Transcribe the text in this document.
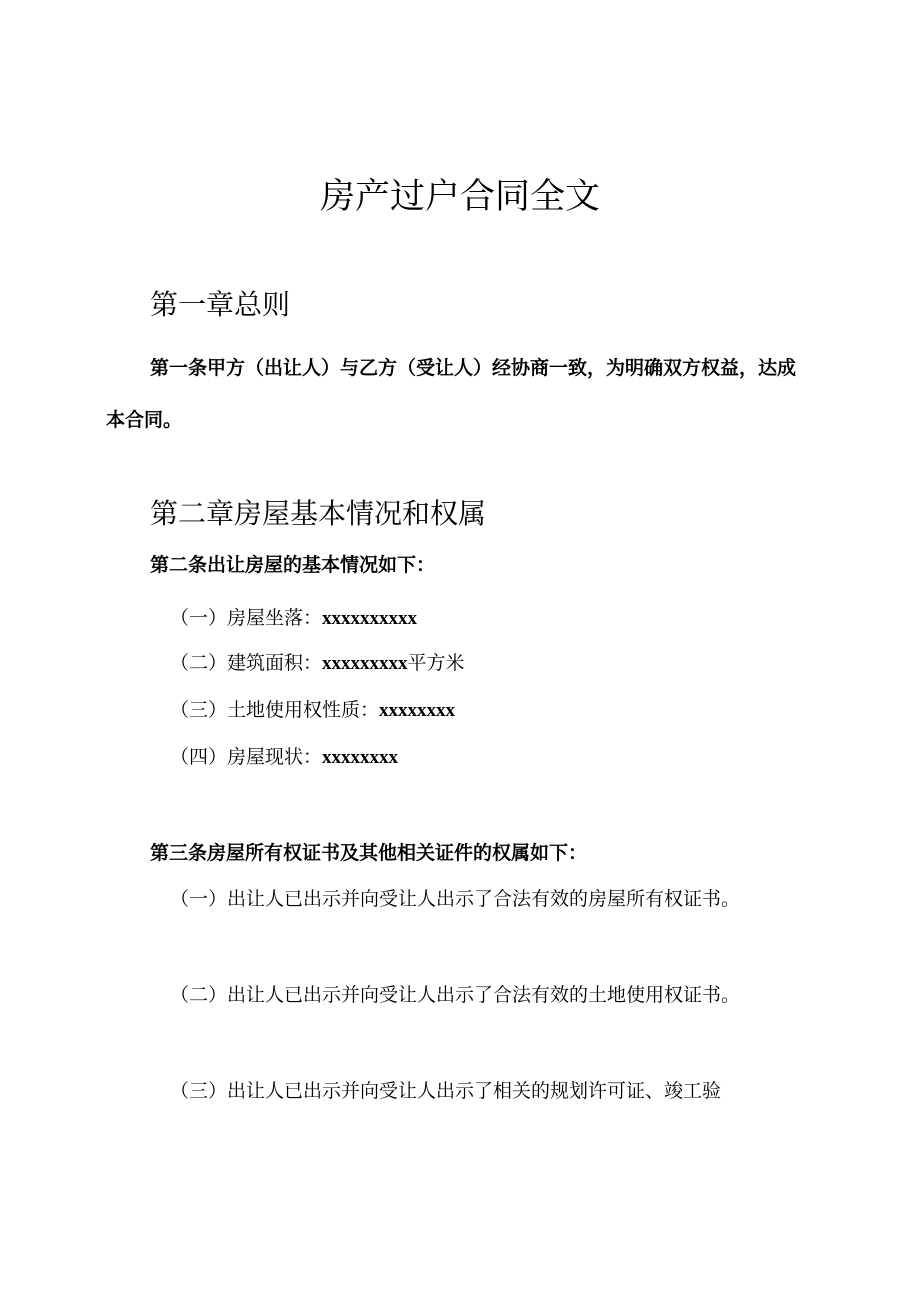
房产过户合同全文
第一章总则

第一条甲方（出让人）与乙方（受让人）经协商一致，为明确双方权益，达成本合同。

第二章房屋基本情况和权属

第二条出让房屋的基本情况如下：

（一）房屋坐落：xxxxxxxxxx

（二）建筑面积：xxxxxxxxx平方米

（三）土地使用权性质：xxxxxxxx

（四）房屋现状：xxxxxxxx

第三条房屋所有权证书及其他相关证件的权属如下：

（一）出让人已出示并向受让人出示了合法有效的房屋所有权证书。

（二）出让人已出示并向受让人出示了合法有效的土地使用权证书。

（三）出让人已出示并向受让人出示了相关的规划许可证、竣工验
